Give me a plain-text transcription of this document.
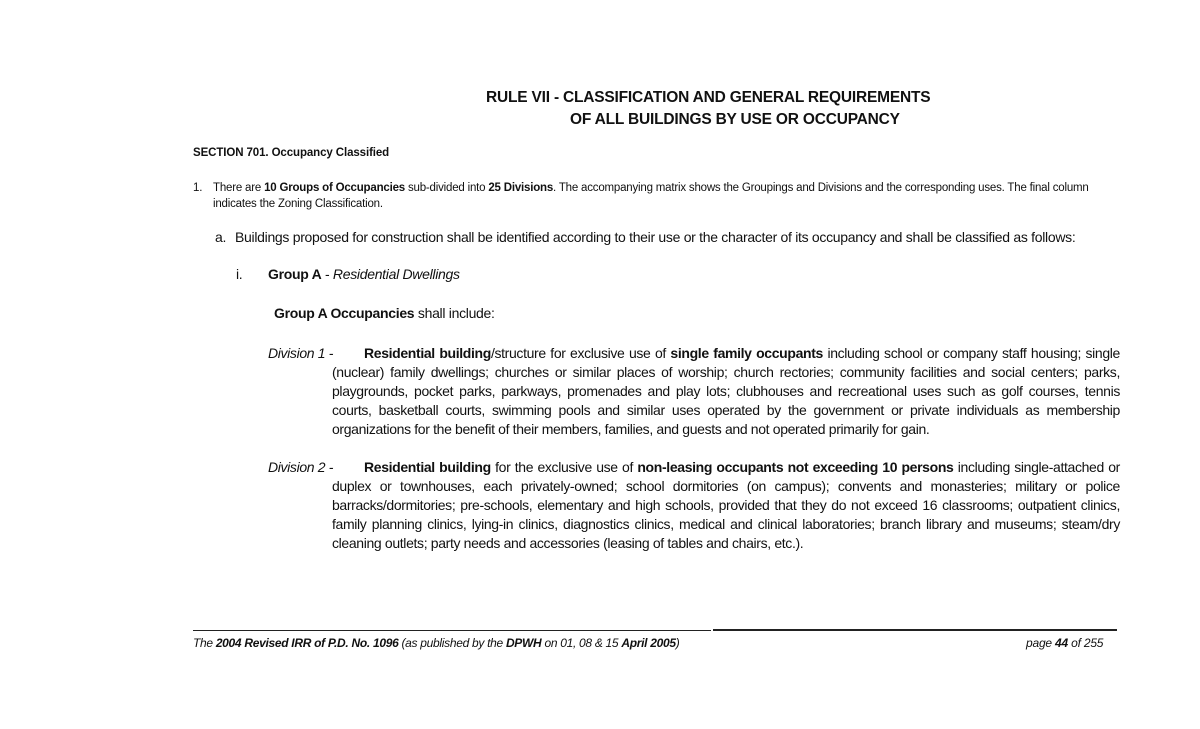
RULE VII - CLASSIFICATION AND GENERAL REQUIREMENTS
OF ALL BUILDINGS BY USE OR OCCUPANCY
SECTION 701. Occupancy Classified
1. There are 10 Groups of Occupancies sub-divided into 25 Divisions. The accompanying matrix shows the Groupings and Divisions and the corresponding uses. The final column indicates the Zoning Classification.
a. Buildings proposed for construction shall be identified according to their use or the character of its occupancy and shall be classified as follows:
i. Group A - Residential Dwellings
Group A Occupancies shall include:
Division 1 -	Residential building/structure for exclusive use of single family occupants including school or company staff housing; single (nuclear) family dwellings; churches or similar places of worship; church rectories; community facilities and social centers; parks, playgrounds, pocket parks, parkways, promenades and play lots; clubhouses and recreational uses such as golf courses, tennis courts, basketball courts, swimming pools and similar uses operated by the government or private individuals as membership organizations for the benefit of their members, families, and guests and not operated primarily for gain.
Division 2 -	Residential building for the exclusive use of non-leasing occupants not exceeding 10 persons including single-attached or duplex or townhouses, each privately-owned; school dormitories (on campus); convents and monasteries; military or police barracks/dormitories; pre-schools, elementary and high schools, provided that they do not exceed 16 classrooms; outpatient clinics, family planning clinics, lying-in clinics, diagnostics clinics, medical and clinical laboratories; branch library and museums; steam/dry cleaning outlets; party needs and accessories (leasing of tables and chairs, etc.).
The 2004 Revised IRR of P.D. No. 1096 (as published by the DPWH on 01, 08 & 15 April 2005)	page 44 of 255
